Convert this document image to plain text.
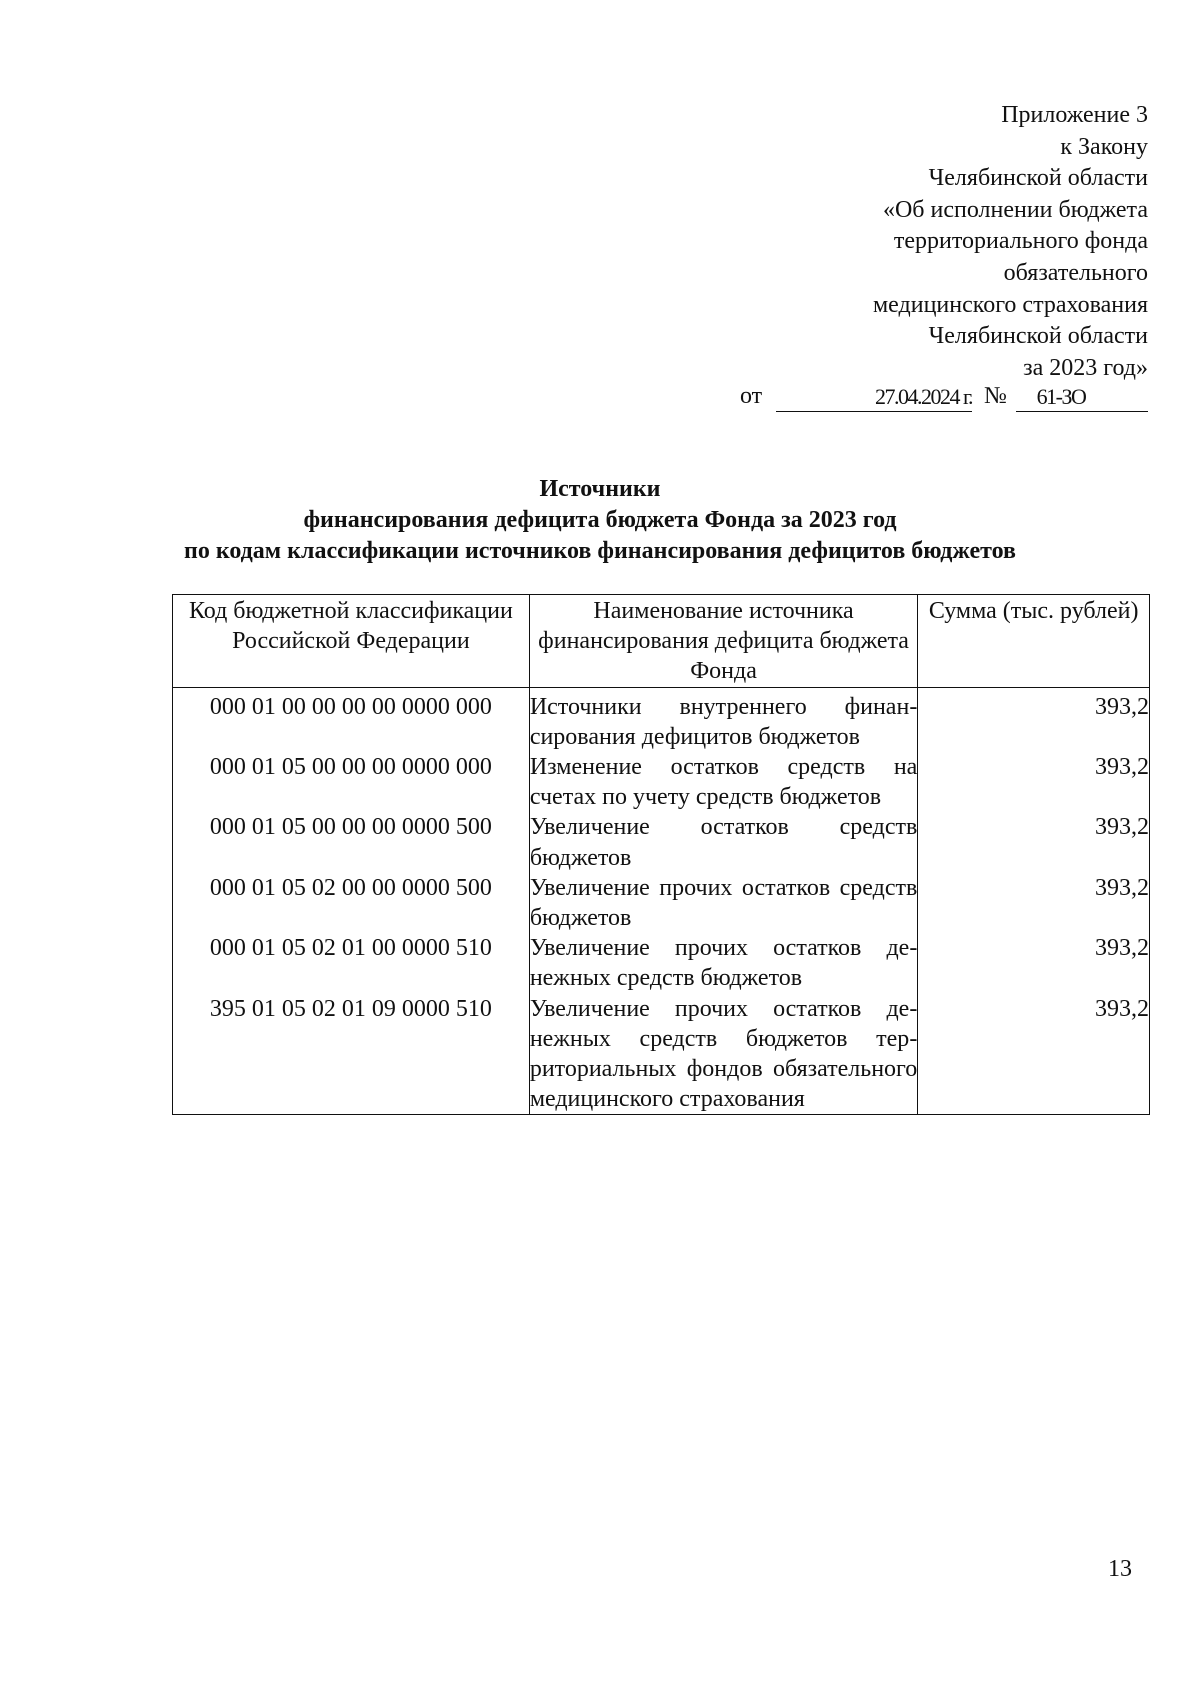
Приложение 3
к Закону
Челябинской области
«Об исполнении бюджета
территориального фонда
обязательного
медицинского страхования
Челябинской области
за 2023 год»
от	27.04.2024 г. №	61-ЗО
Источники
финансирования дефицита бюджета Фонда за 2023 год
по кодам классификации источников финансирования дефицитов бюджетов
Код бюджетной классификации Российской Федерации	Наименование источника финансирования дефицита бюджета Фонда	Сумма (тыс. рублей)
000 01 00 00 00 00 0000 000	Источники внутреннего финансирования дефицитов бюджетов	393,2
000 01 05 00 00 00 0000 000	Изменение остатков средств на счетах по учету средств бюджетов	393,2
000 01 05 00 00 00 0000 500	Увеличение остатков средств бюджетов	393,2
000 01 05 02 00 00 0000 500	Увеличение прочих остатков средств бюджетов	393,2
000 01 05 02 01 00 0000 510	Увеличение прочих остатков денежных средств бюджетов	393,2
395 01 05 02 01 09 0000 510	Увеличение прочих остатков денежных средств бюджетов территориальных фондов обязательного медицинского страхования	393,2
13
